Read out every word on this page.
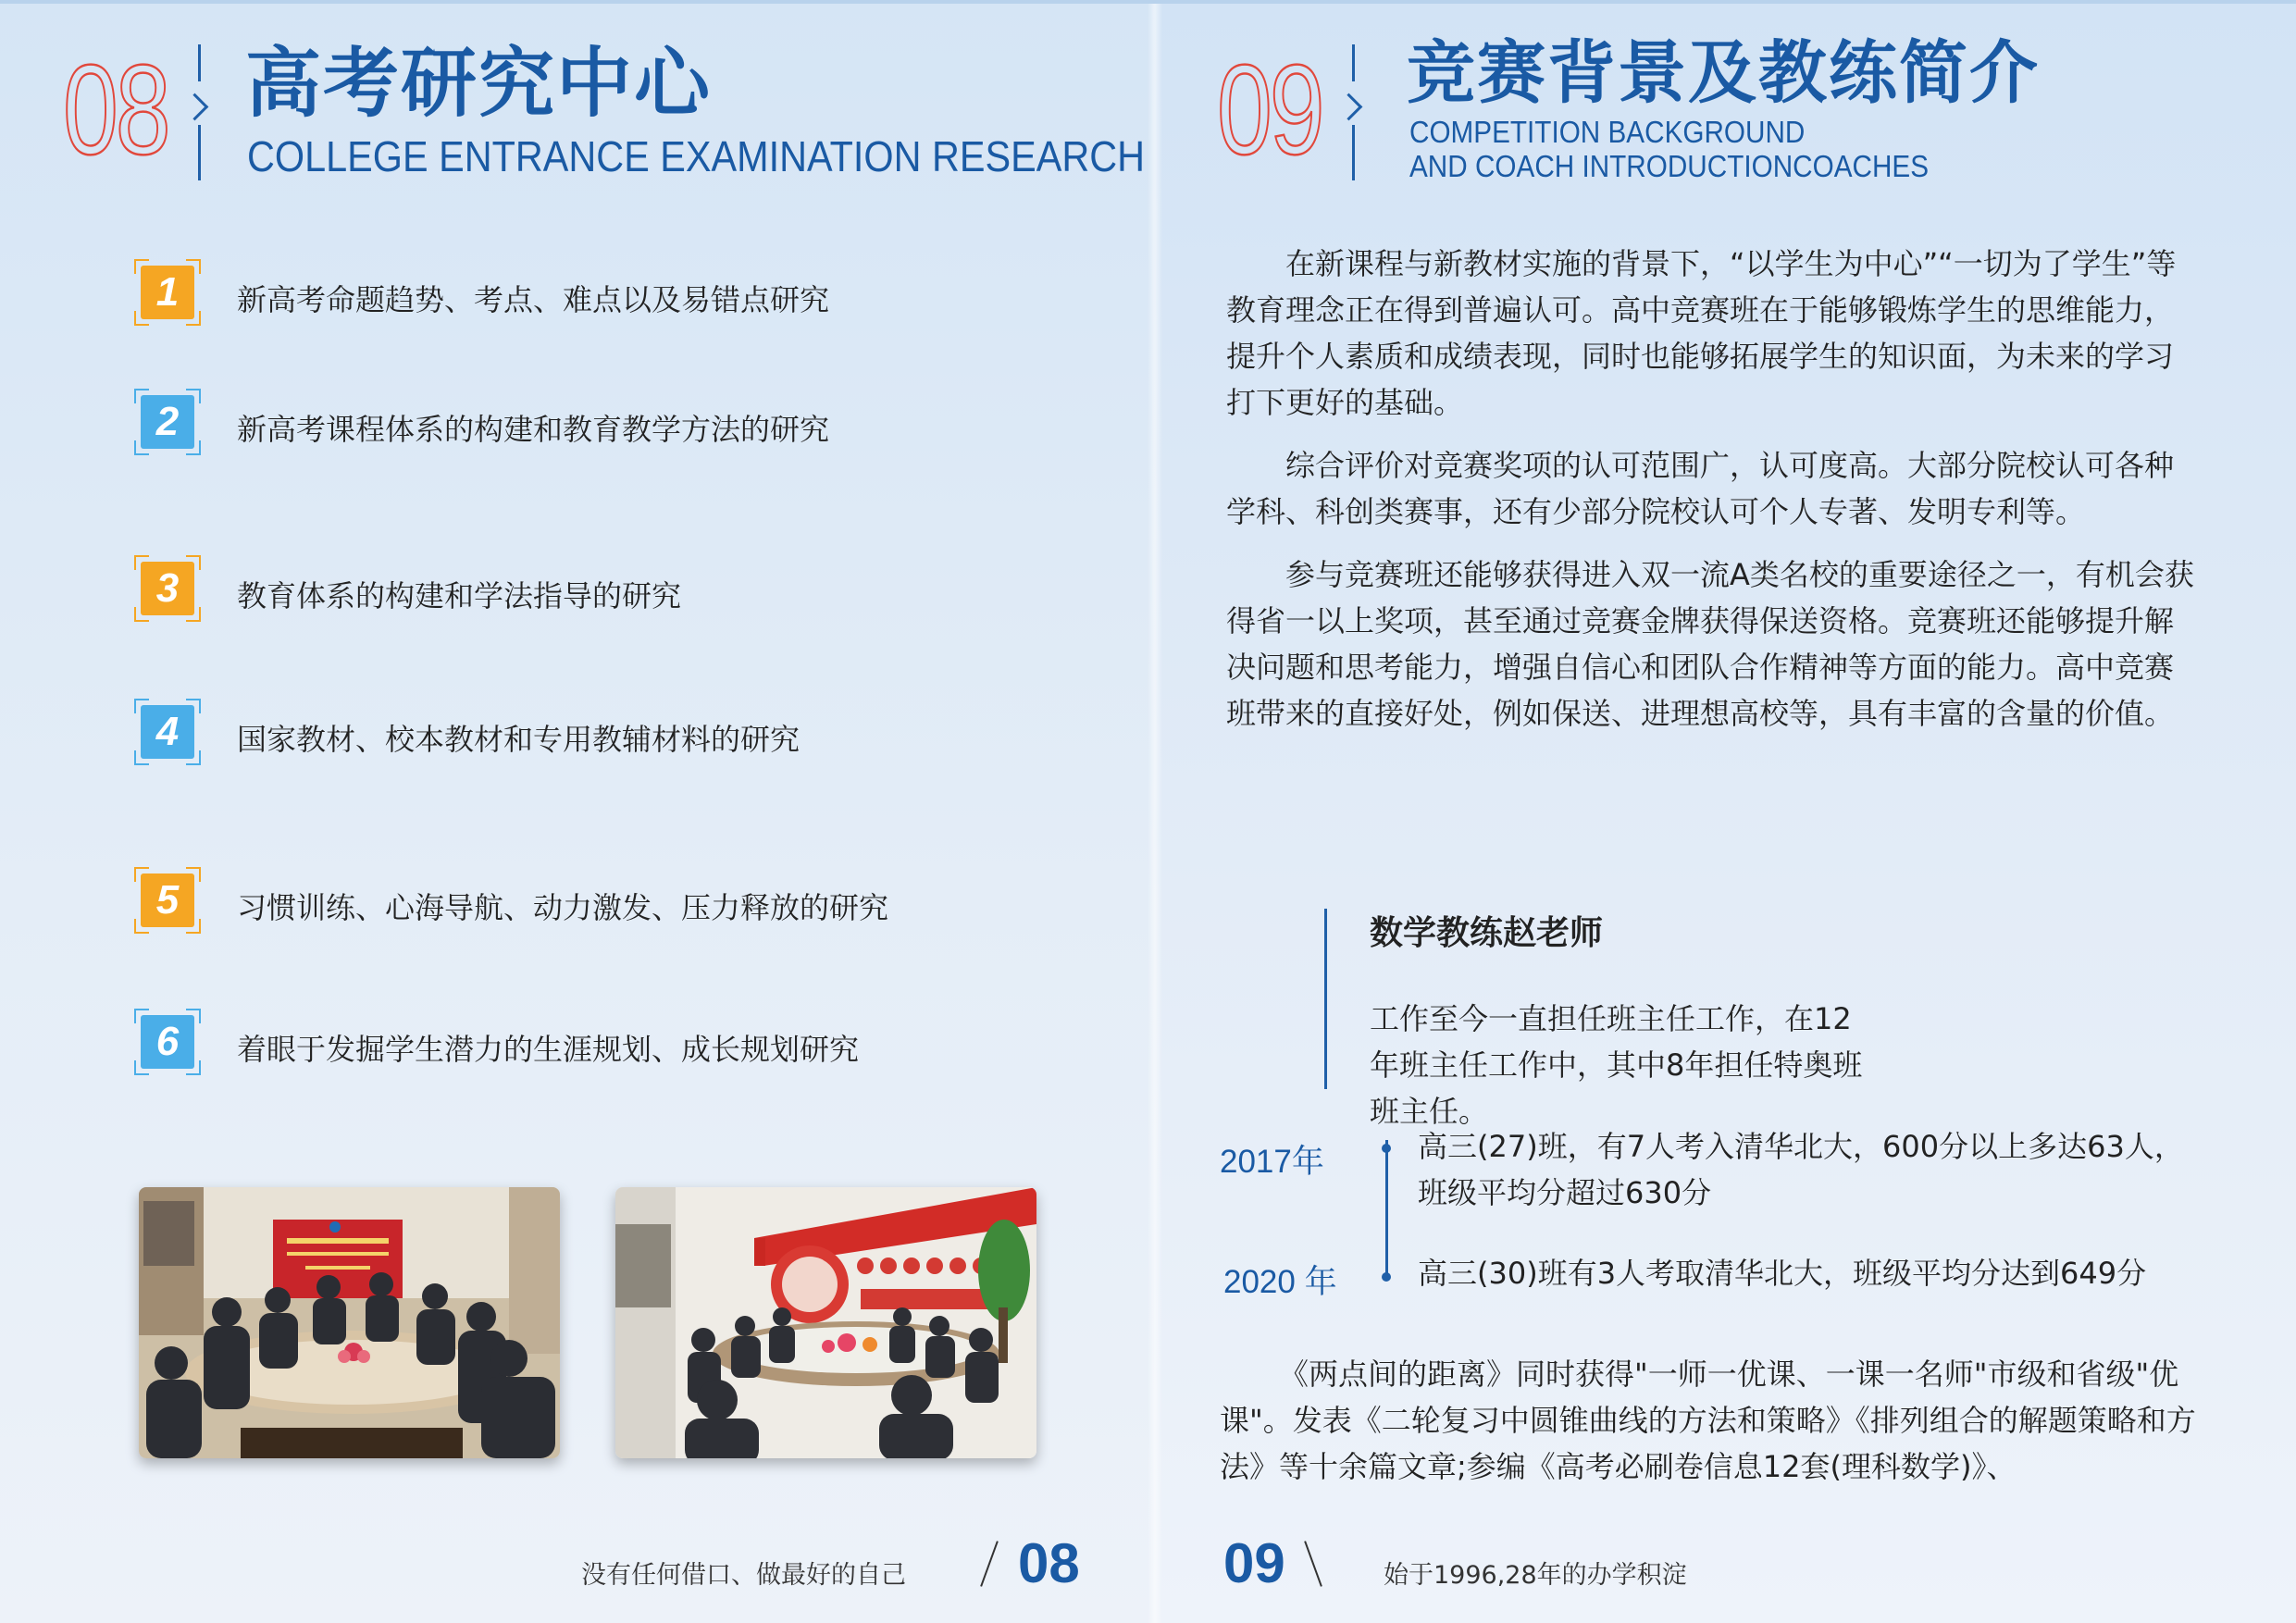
08 高考研究中心
COLLEGE ENTRANCE EXAMINATION RESEARCH
1	新高考命题趋势、考点、难点以及易错点研究
2	新高考课程体系的构建和教育教学方法的研究
3	教育体系的构建和学法指导的研究
4	国家教材、校本教材和专用教辅材料的研究
5	习惯训练、心海导航、动力激发、压力释放的研究
6	着眼于发掘学生潜力的生涯规划、成长规划研究
没有任何借口、做最好的自己 08
09 竞赛背景及教练简介
COMPETITION BACKGROUND
AND COACH INTRODUCTIONCOACHES

在新课程与新教材实施的背景下，“以学生为中心”“一切为了学生”等教育理念正在得到普遍认可。高中竞赛班在于能够锻炼学生的思维能力，提升个人素质和成绩表现，同时也能够拓展学生的知识面，为未来的学习打下更好的基础。

综合评价对竞赛奖项的认可范围广，认可度高。大部分院校认可各种学科、科创类赛事，还有少部分院校认可个人专著、发明专利等。

参与竞赛班还能够获得进入双一流A类名校的重要途径之一，有机会获得省一以上奖项，甚至通过竞赛金牌获得保送资格。竞赛班还能够提升解决问题和思考能力，增强自信心和团队合作精神等方面的能力。高中竞赛班带来的直接好处，例如保送、进理想高校等，具有丰富的含量的价值。

数学教练赵老师
工作至今一直担任班主任工作，在12年班主任工作中，其中8年担任特奥班班主任。
2017年	高三(27)班，有7人考入清华北大，600分以上多达63人，班级平均分超过630分
2020 年	高三(30)班有3人考取清华北大，班级平均分达到649分
《两点间的距离》同时获得"一师一优课、一课一名师"市级和省级"优课"。发表《二轮复习中圆锥曲线的方法和策略》《排列组合的解题策略和方法》等十余篇文章;参编《高考必刷卷信息12套(理科数学)》、
09	始于1996,28年的办学积淀
